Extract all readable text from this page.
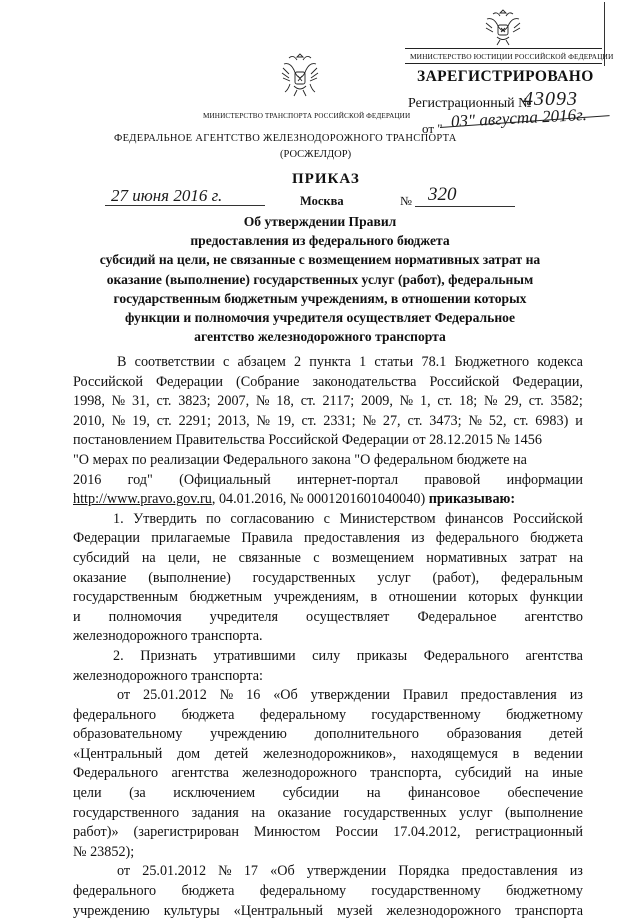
МИНИСТЕРСТВО ТРАНСПОРТА РОССИЙСКОЙ ФЕДЕРАЦИИ
МИНИСТЕРСТВО ЮСТИЦИИ РОССИЙСКОЙ ФЕДЕРАЦИИ
ЗАРЕГИСТРИРОВАНО
Регистрационный №
43093
от " 03" августа 2016г.
ФЕДЕРАЛЬНОЕ АГЕНТСТВО ЖЕЛЕЗНОДОРОЖНОГО ТРАНСПОРТА
(РОСЖЕЛДОР)
ПРИКАЗ
27 июня 2016 г.	Москва	№ 320
Об утверждении Правил
предоставления из федерального бюджета
субсидий на цели, не связанные с возмещением нормативных затрат на
оказание (выполнение) государственных услуг (работ), федеральным
государственным бюджетным учреждениям, в отношении которых
функции и полномочия учредителя осуществляет Федеральное
агентство железнодорожного транспорта
В соответствии с абзацем 2 пункта 1 статьи 78.1 Бюджетного кодекса
Российской Федерации (Собрание законодательства Российской Федерации,
1998, № 31, ст. 3823; 2007, № 18, ст. 2117; 2009, № 1, ст. 18; № 29, ст. 3582;
2010, № 19, ст. 2291; 2013, № 19, ст. 2331; № 27, ст. 3473; № 52, ст. 6983) и
постановлением Правительства Российской Федерации от 28.12.2015 № 1456
"О мерах по реализации Федерального закона "О федеральном бюджете на
2016 год" (Официальный интернет-портал правовой информации
http://www.pravo.gov.ru , 04.01.2016, № 0001201601040040) приказываю:
1. Утвердить по согласованию с Министерством финансов Российской
Федерации прилагаемые Правила предоставления из федерального бюджета
субсидий на цели, не связанные с возмещением нормативных затрат на
оказание (выполнение) государственных услуг (работ), федеральным
государственным бюджетным учреждениям, в отношении которых функции
и полномочия учредителя осуществляет Федеральное агентство
железнодорожного транспорта.
2. Признать утратившими силу приказы Федерального агентства
железнодорожного транспорта:
от 25.01.2012 № 16 «Об утверждении Правил предоставления из
федерального бюджета федеральному государственному бюджетному
образовательному учреждению дополнительного образования детей
«Центральный дом детей железнодорожников», находящемуся в ведении
Федерального агентства железнодорожного транспорта, субсидий на иные
цели (за исключением субсидии на финансовое обеспечение
государственного задания на оказание государственных услуг (выполнение
работ)» (зарегистрирован Минюстом России 17.04.2012, регистрационный
№ 23852);
от 25.01.2012 № 17 «Об утверждении Порядка предоставления из
федерального бюджета федеральному государственному бюджетному
учреждению культуры «Центральный музей железнодорожного транспорта
